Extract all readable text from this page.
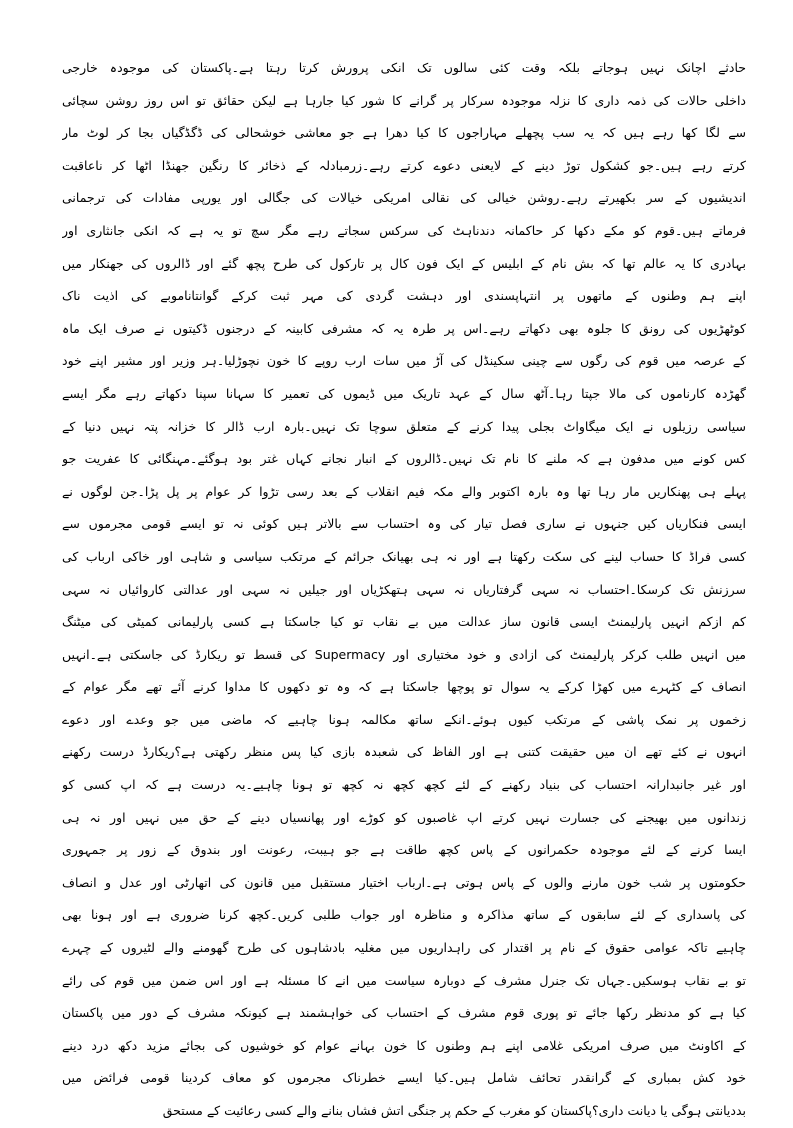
حادثے اچانک نہیں ہوجاتے بلکہ وقت کئی سالوں تک انکی پرورش کرتا رہتا ہے۔پاکستان کی موجودہ خارجی
داخلی حالات کی ذمہ داری کا نزلہ موجودہ سرکار پر گرانے کا شور کیا جارہا ہے لیکن حقائق تو اس روز روشن سچائی
سے لگا کھا رہے ہیں کہ یہ سب پچھلے مہاراجوں کا کیا دھرا ہے جو معاشی خوشحالی کی ڈگڈگیاں بجا کر لوٹ مار
کرتے رہے ہیں۔جو کشکول توڑ دینے کے لایعنی دعوے کرتے رہے۔زرمبادلہ کے ذخائر کا رنگین جھنڈا اٹھا کر ناعاقبت
اندیشیوں کے سر بکھیرتے رہے۔روشن خیالی کی نقالی امریکی خیالات کی جگالی اور یورپی مفادات کی ترجمانی
فرماتے ہیں۔قوم کو مکے دکھا کر حاکمانہ دندناہٹ کی سرکس سجاتے رہے مگر سچ تو یہ ہے کہ انکی جانثاری اور
بہادری کا یہ عالم تھا کہ بش نام کے ابلیس کے ایک فون کال پر تارکول کی طرح پچھ گئے اور ڈالروں کی جھنکار میں
اپنے ہم وطنوں کے ماتھوں پر انتہاپسندی اور دہشت گردی کی مہر ثبت کرکے گوانتاناموبے کی اذیت ناک
کوٹھڑیوں کی رونق کا جلوہ بھی دکھاتے رہے۔اس پر طرہ یہ کہ مشرفی کابینہ کے درجنوں ڈکیتوں نے صرف ایک ماہ
کے عرصہ میں قوم کی رگوں سے چینی سکینڈل کی آڑ میں سات ارب روپے کا خون نچوڑلیا۔ہر وزیر اور مشیر اپنے خود
گھڑدہ کارناموں کی مالا جپتا رہا۔آٹھ سال کے عہد تاریک میں ڈیموں کی تعمیر کا سہانا سپنا دکھاتے رہے مگر ایسے
سیاسی رزیلوں نے ایک میگاواٹ بجلی پیدا کرنے کے متعلق سوچا تک نہیں۔بارہ ارب ڈالر کا خزانہ پتہ نہیں دنیا کے
کس کونے میں مدفون ہے کہ ملنے کا نام تک نہیں۔ڈالروں کے انبار نجانے کہاں غتر بود ہوگئے۔مہنگائی کا عفریت جو
پہلے ہی پھنکاریں مار رہا تھا وہ بارہ اکتوبر والے مکہ فیم انقلاب کے بعد رسی تڑوا کر عوام پر پل پڑا۔جن لوگوں نے
ایسی فنکاریاں کیں جنہوں نے ساری فصل تیار کی وہ احتساب سے بالاتر ہیں کوئی نہ تو ایسے قومی مجرموں سے
کسی فراڈ کا حساب لینے کی سکت رکھتا ہے اور نہ ہی بھیانک جرائم کے مرتکب سیاسی و شاہی اور خاکی ارباب کی
سرزنش تک کرسکا۔احتساب نہ سہی گرفتاریاں نہ سہی ہتھکڑیاں اور جیلیں نہ سہی اور عدالتی کاروائیاں نہ سہی
کم ازکم انہیں پارلیمنٹ ایسی قانون ساز عدالت میں بے نقاب تو کیا جاسکتا ہے کسی پارلیمانی کمیٹی کی میٹنگ
میں انہیں طلب کرکر پارلیمنٹ کی ازادی و خود مختیاری اور Supermacy کی قسط تو ریکارڈ کی جاسکتی ہے۔انہیں
انصاف کے کٹہرے میں کھڑا کرکے یہ سوال تو پوچھا جاسکتا ہے کہ وہ تو دکھوں کا مداوا کرنے آئے تھے مگر عوام کے
زخموں پر نمک پاشی کے مرتکب کیوں ہوئے۔انکے ساتھ مکالمہ ہونا چاہیے کہ ماضی میں جو وعدے اور دعوے
انہوں نے کئے تھے ان میں حقیقت کتنی ہے اور الفاظ کی شعبدہ بازی کیا پس منظر رکھتی ہے؟ریکارڈ درست رکھنے
اور غیر جانبدارانہ احتساب کی بنیاد رکھنے کے لئے کچھ کچھ نہ کچھ تو ہونا چاہیے۔یہ درست ہے کہ اپ کسی کو
زندانوں میں بھیجنے کی جسارت نہیں کرتے اپ غاصبوں کو کوڑے اور پھانسیاں دینے کے حق میں نہیں اور نہ ہی
ایسا کرنے کے لئے موجودہ حکمرانوں کے پاس کچھ طاقت ہے جو ہیبت، رعونت اور بندوق کے زور پر جمہوری
حکومتوں پر شب خون مارنے والوں کے پاس ہوتی ہے۔ارباب اختیار مستقبل میں قانون کی اتھارٹی اور عدل و انصاف
کی پاسداری کے لئے سابقوں کے ساتھ مذاکرہ و مناظرہ اور جواب طلبی کریں۔کچھ کرنا ضروری ہے اور ہونا بھی
چاہیے تاکہ عوامی حقوق کے نام پر اقتدار کی راہداریوں میں مغلیہ بادشاہوں کی طرح گھومنے والے لٹیروں کے چہرے
تو بے نقاب ہوسکیں۔جہاں تک جنرل مشرف کے دوبارہ سیاست میں انے کا مسئلہ ہے اور اس ضمن میں قوم کی رائے
کیا ہے کو مدنظر رکھا جائے تو پوری قوم مشرف کے احتساب کی خواہشمند ہے کیونکہ مشرف کے دور میں پاکستان
کے اکاونٹ میں صرف امریکی غلامی اپنے ہم وطنوں کا خون بہانے عوام کو خوشیوں کی بجائے مزید دکھ درد دینے
خود کش بمباری کے گرانقدر تحائف شامل ہیں۔کیا ایسے خطرناک مجرموں کو معاف کردینا قومی فرائض میں
بددیانتی ہوگی یا دیانت داری؟پاکستان کو مغرب کے حکم پر جنگی اتش فشاں بنانے والے کسی رعائیت کے مستحق
